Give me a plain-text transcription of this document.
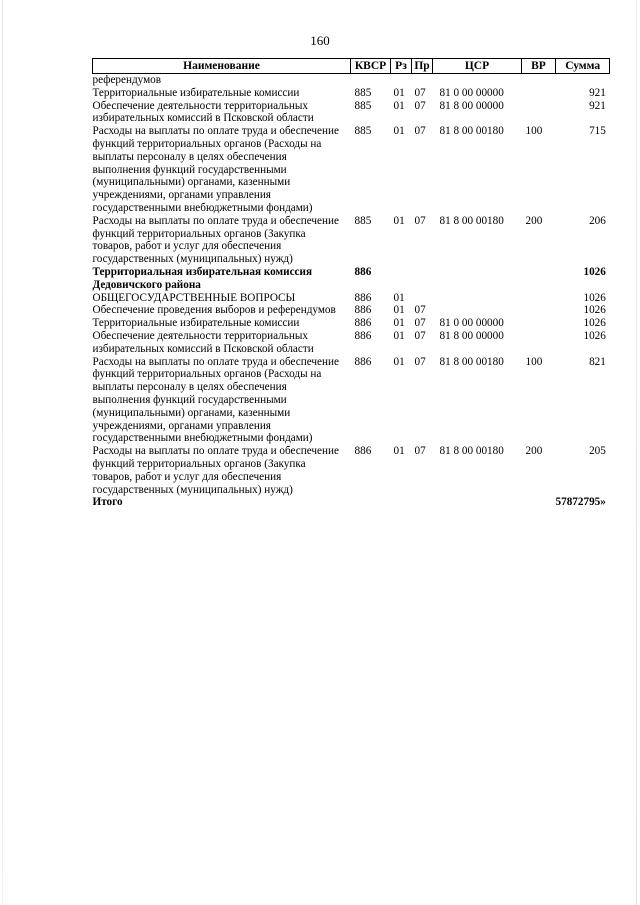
160
Наименование	КВСР	Рз	Пр	ЦСР	ВР	Сумма
референдумов						
Территориальные избирательные комиссии	885	01	07	81 0 00 00000		921
Обеспечение деятельности территориальных избирательных комиссий в Псковской области	885	01	07	81 8 00 00000		921
Расходы на выплаты по оплате труда и обеспечение функций территориальных органов (Расходы на выплаты персоналу в целях обеспечения выполнения функций государственными (муниципальными) органами, казенными учреждениями, органами управления государственными внебюджетными фондами)	885	01	07	81 8 00 00180	100	715
Расходы на выплаты по оплате труда и обеспечение функций территориальных органов (Закупка товаров, работ и услуг для обеспечения государственных (муниципальных) нужд)	885	01	07	81 8 00 00180	200	206
Территориальная избирательная комиссия Дедовичского района	886					1026
ОБЩЕГОСУДАРСТВЕННЫЕ ВОПРОСЫ	886	01				1026
Обеспечение проведения выборов и референдумов	886	01	07			1026
Территориальные избирательные комиссии	886	01	07	81 0 00 00000		1026
Обеспечение деятельности территориальных избирательных комиссий в Псковской области	886	01	07	81 8 00 00000		1026
Расходы на выплаты по оплате труда и обеспечение функций территориальных органов (Расходы на выплаты персоналу в целях обеспечения выполнения функций государственными (муниципальными) органами, казенными учреждениями, органами управления государственными внебюджетными фондами)	886	01	07	81 8 00 00180	100	821
Расходы на выплаты по оплате труда и обеспечение функций территориальных органов (Закупка товаров, работ и услуг для обеспечения государственных (муниципальных) нужд)	886	01	07	81 8 00 00180	200	205
Итого						57872795»
